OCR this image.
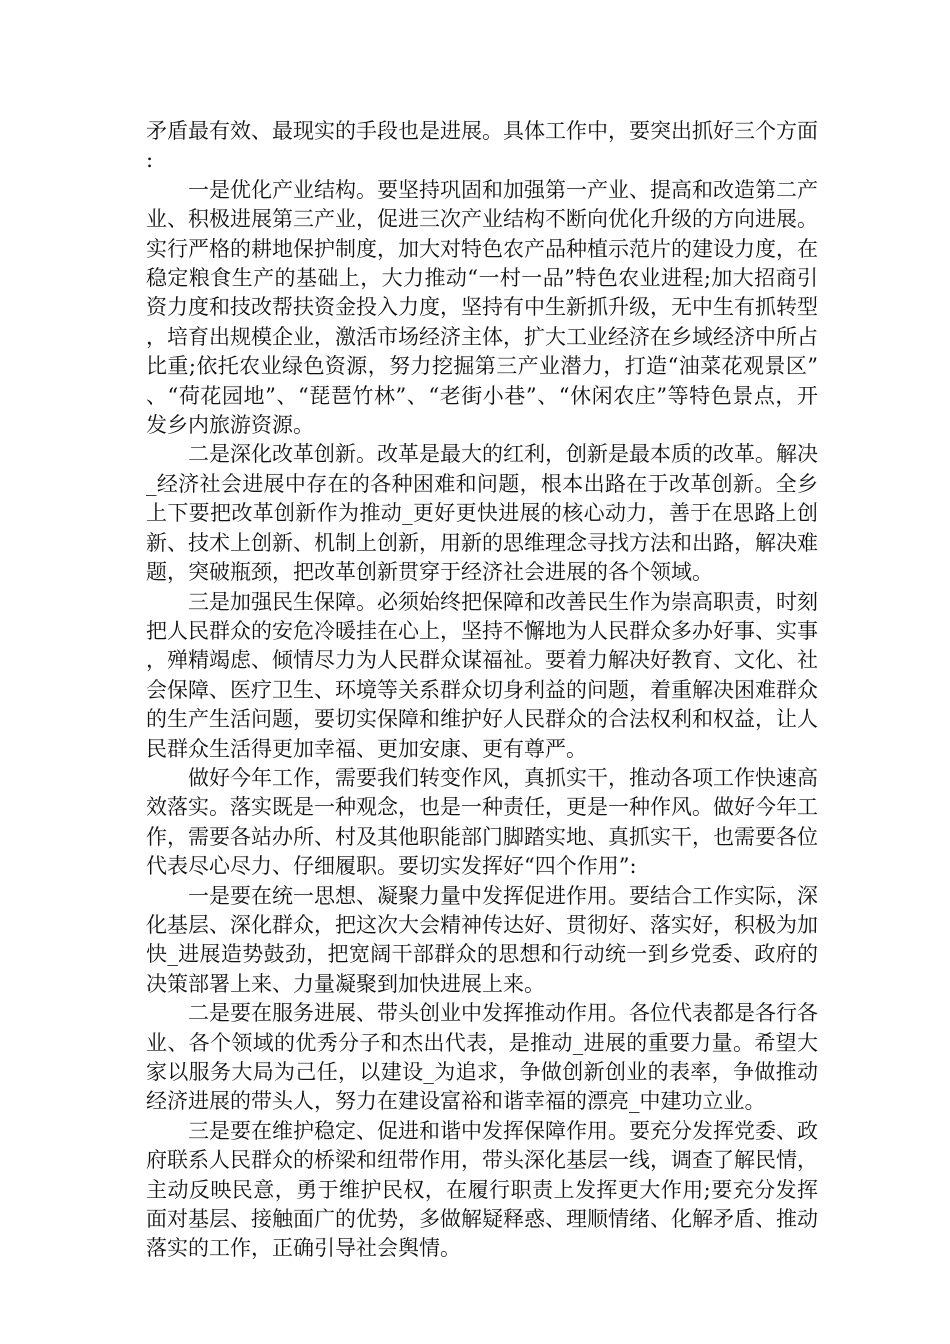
矛盾最有效、最现实的手段也是进展。具体工作中，要突出抓好三个方面:

一是优化产业结构。要坚持巩固和加强第一产业、提高和改造第二产业、积极进展第三产业，促进三次产业结构不断向优化升级的方向进展。实行严格的耕地保护制度，加大对特色农产品种植示范片的建设力度，在稳定粮食生产的基础上，大力推动“一村一品”特色农业进程;加大招商引资力度和技改帮扶资金投入力度，坚持有中生新抓升级，无中生有抓转型，培育出规模企业，激活市场经济主体，扩大工业经济在乡域经济中所占比重;依托农业绿色资源，努力挖掘第三产业潜力，打造“油菜花观景区”、“荷花园地”、“琵琶竹林”、“老街小巷”、“休闲农庄”等特色景点，开发乡内旅游资源。

二是深化改革创新。改革是最大的红利，创新是最本质的改革。解决_经济社会进展中存在的各种困难和问题，根本出路在于改革创新。全乡上下要把改革创新作为推动_更好更快进展的核心动力，善于在思路上创新、技术上创新、机制上创新，用新的思维理念寻找方法和出路，解决难题，突破瓶颈，把改革创新贯穿于经济社会进展的各个领域。

三是加强民生保障。必须始终把保障和改善民生作为崇高职责，时刻把人民群众的安危冷暖挂在心上，坚持不懈地为人民群众多办好事、实事，殚精竭虑、倾情尽力为人民群众谋福祉。要着力解决好教育、文化、社会保障、医疗卫生、环境等关系群众切身利益的问题，着重解决困难群众的生产生活问题，要切实保障和维护好人民群众的合法权利和权益，让人民群众生活得更加幸福、更加安康、更有尊严。

做好今年工作，需要我们转变作风，真抓实干，推动各项工作快速高效落实。落实既是一种观念，也是一种责任，更是一种作风。做好今年工作，需要各站办所、村及其他职能部门脚踏实地、真抓实干，也需要各位代表尽心尽力、仔细履职。要切实发挥好“四个作用”:

一是要在统一思想、凝聚力量中发挥促进作用。要结合工作实际，深化基层、深化群众，把这次大会精神传达好、贯彻好、落实好，积极为加快_进展造势鼓劲，把宽阔干部群众的思想和行动统一到乡党委、政府的决策部署上来、力量凝聚到加快进展上来。

二是要在服务进展、带头创业中发挥推动作用。各位代表都是各行各业、各个领域的优秀分子和杰出代表，是推动_进展的重要力量。希望大家以服务大局为己任，以建设_为追求，争做创新创业的表率，争做推动经济进展的带头人，努力在建设富裕和谐幸福的漂亮_中建功立业。

三是要在维护稳定、促进和谐中发挥保障作用。要充分发挥党委、政府联系人民群众的桥梁和纽带作用，带头深化基层一线，调查了解民情，主动反映民意，勇于维护民权，在履行职责上发挥更大作用;要充分发挥面对基层、接触面广的优势，多做解疑释惑、理顺情绪、化解矛盾、推动落实的工作，正确引导社会舆情。
